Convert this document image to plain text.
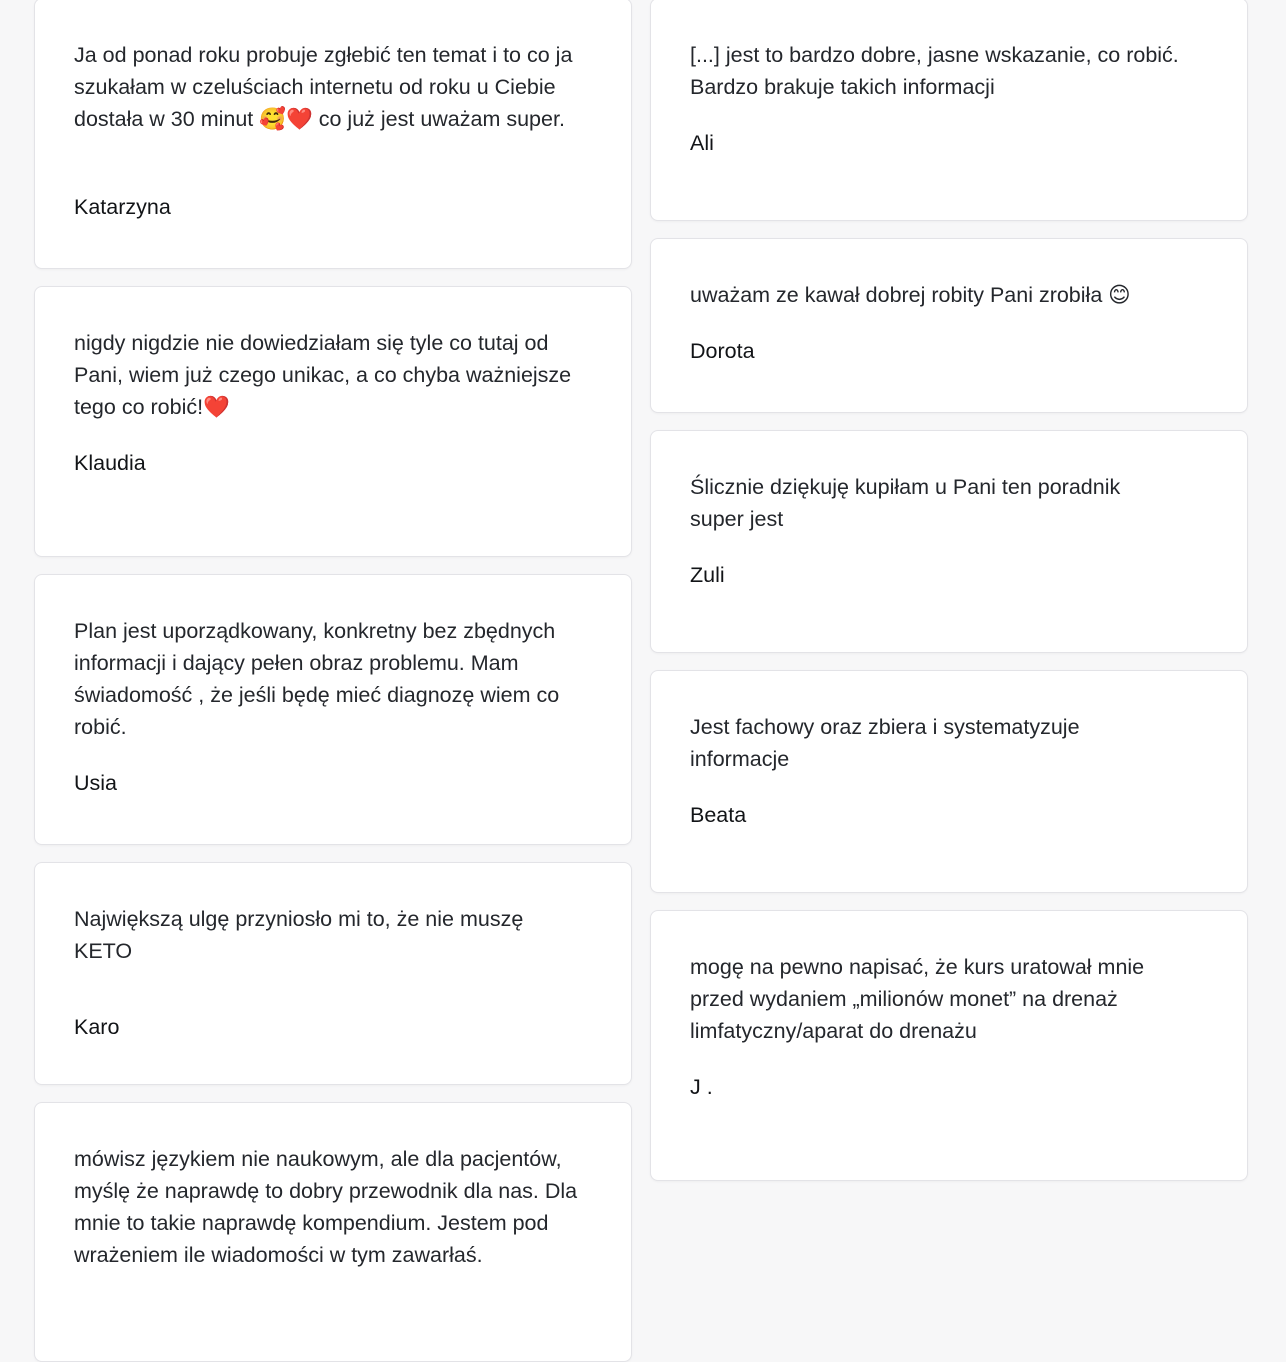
Ja od ponad roku probuje zgłebić ten temat i to co ja szukałam w czeluściach internetu od roku u Ciebie dostała w 30 minut 🥰❤️ co już jest uważam super.

Katarzyna

nigdy nigdzie nie dowiedziałam się tyle co tutaj od Pani, wiem już czego unikac, a co chyba ważniejsze tego co robić!❤️

Klaudia

Plan jest uporządkowany, konkretny bez zbędnych informacji i dający pełen obraz problemu. Mam świadomość , że jeśli będę mieć diagnozę wiem co robić.

Usia

Największą ulgę przyniosło mi to, że nie muszę KETO

Karo

mówisz językiem nie naukowym, ale dla pacjentów, myślę że naprawdę to dobry przewodnik dla nas. Dla mnie to takie naprawdę kompendium. Jestem pod wrażeniem ile wiadomości w tym zawarłaś.

[...] jest to bardzo dobre, jasne wskazanie, co robić. Bardzo brakuje takich informacji

Ali

uważam ze kawał dobrej robity Pani zrobiła 😊

Dorota

Ślicznie dziękuję kupiłam u Pani ten poradnik super jest

Zuli

Jest fachowy oraz zbiera i systematyzuje informacje

Beata

mogę na pewno napisać, że kurs uratował mnie przed wydaniem „milionów monet” na drenaż limfatyczny/aparat do drenażu

J .
